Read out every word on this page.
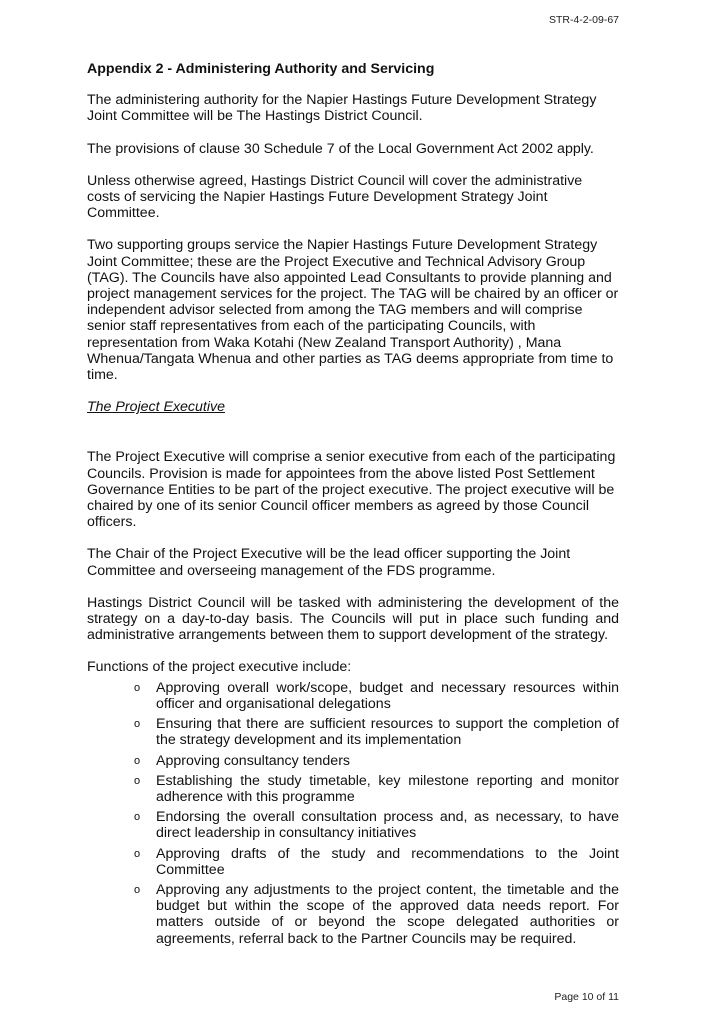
STR-4-2-09-67
Appendix 2 - Administering Authority and Servicing

The administering authority for the Napier Hastings Future Development Strategy Joint Committee will be The Hastings District Council.

The provisions of clause 30 Schedule 7 of the Local Government Act 2002 apply.

Unless otherwise agreed, Hastings District Council will cover the administrative costs of servicing the Napier Hastings Future Development Strategy Joint Committee.

Two supporting groups service the Napier Hastings Future Development Strategy Joint Committee; these are the Project Executive and Technical Advisory Group (TAG). The Councils have also appointed Lead Consultants to provide planning and project management services for the project. The TAG will be chaired by an officer or independent advisor selected from among the TAG members and will comprise senior staff representatives from each of the participating Councils, with representation from Waka Kotahi (New Zealand Transport Authority) , Mana Whenua/Tangata Whenua and other parties as TAG deems appropriate from time to time.

The Project Executive

The Project Executive will comprise a senior executive from each of the participating Councils. Provision is made for appointees from the above listed Post Settlement Governance Entities to be part of the project executive. The project executive will be chaired by one of its senior Council officer members as agreed by those Council officers.

The Chair of the Project Executive will be the lead officer supporting the Joint Committee and overseeing management of the FDS programme.

Hastings District Council will be tasked with administering the development of the strategy on a day-to-day basis. The Councils will put in place such funding and administrative arrangements between them to support development of the strategy.

Functions of the project executive include:

o Approving overall work/scope, budget and necessary resources within officer and organisational delegations
o Ensuring that there are sufficient resources to support the completion of the strategy development and its implementation
o Approving consultancy tenders
o Establishing the study timetable, key milestone reporting and monitor adherence with this programme
o Endorsing the overall consultation process and, as necessary, to have direct leadership in consultancy initiatives
o Approving drafts of the study and recommendations to the Joint Committee
o Approving any adjustments to the project content, the timetable and the budget but within the scope of the approved data needs report. For matters outside of or beyond the scope delegated authorities or agreements, referral back to the Partner Councils may be required.
Page 10 of 11
